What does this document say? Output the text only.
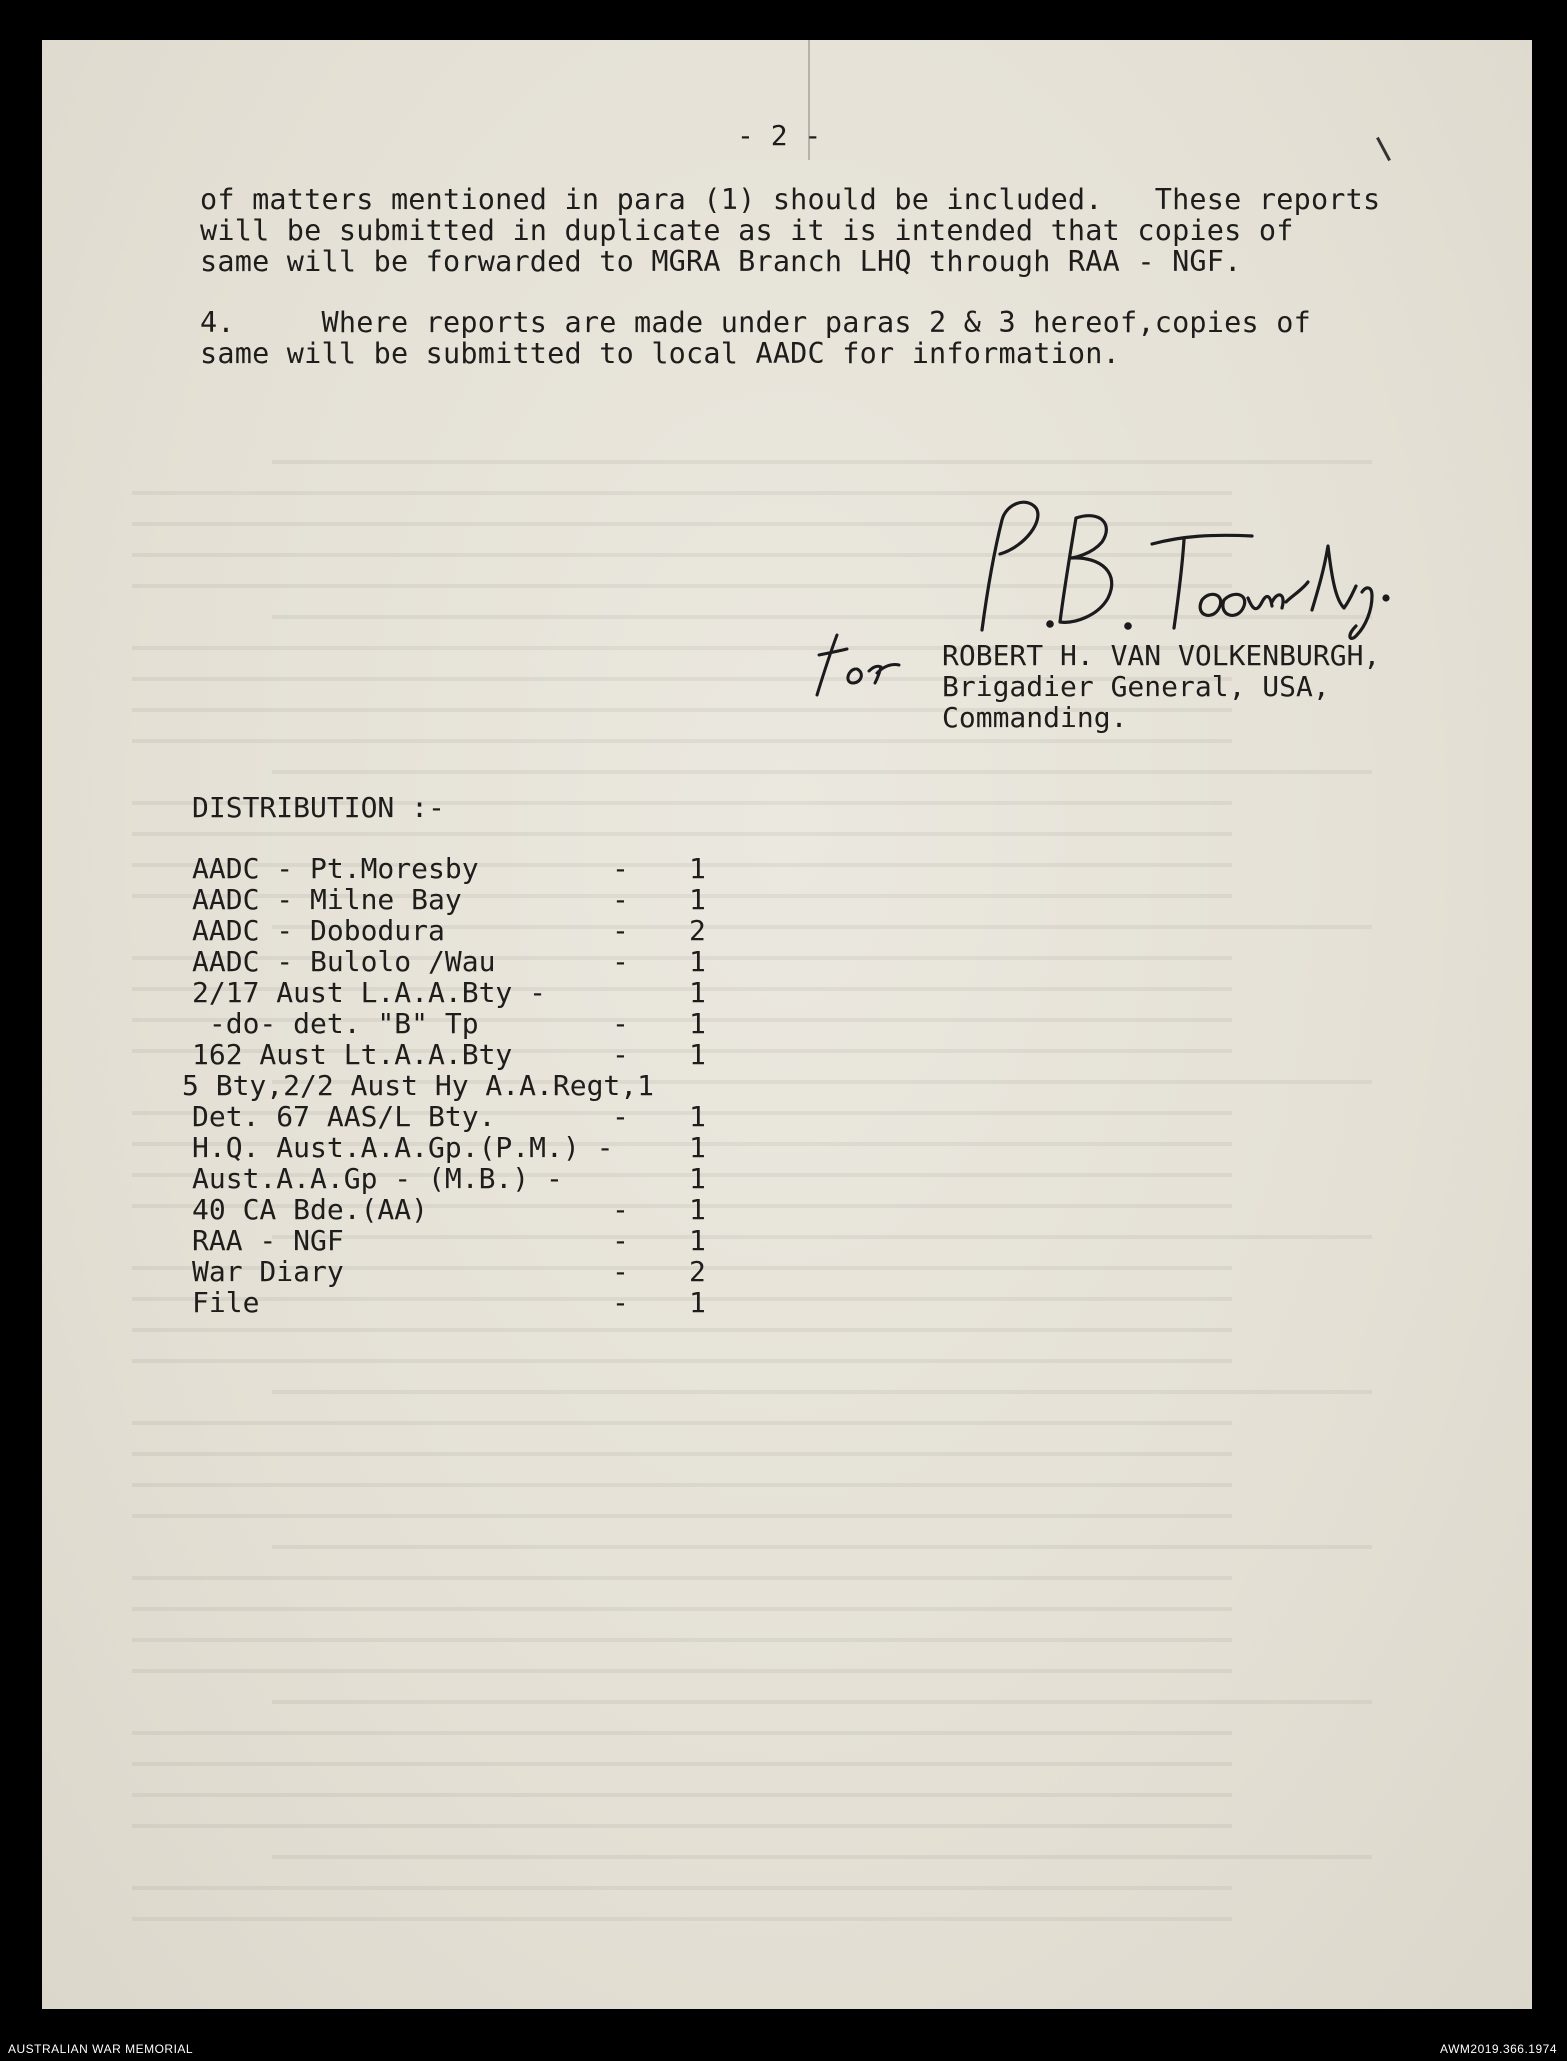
- 2 -
of matters mentioned in para (1) should be included.   These reports
will be submitted in duplicate as it is intended that copies of
same will be forwarded to MGRA Branch LHQ through RAA - NGF.
4.     Where reports are made under paras 2 & 3 hereof,copies of
same will be submitted to local AADC for information.
ROBERT H. VAN VOLKENBURGH,
Brigadier General, USA,
Commanding.
DISTRIBUTION :-
AADC - Pt.Moresby	- 1
AADC - Milne Bay	- 1
AADC - Dobodura	- 2
AADC - Bulolo /Wau	- 1
2/17 Aust L.A.A.Bty -	1
-do- det. "B" Tp	- 1
162 Aust Lt.A.A.Bty	- 1
5 Bty,2/2 Aust Hy A.A.Regt,1
Det. 67 AAS/L Bty.	- 1
H.Q. Aust.A.A.Gp.(P.M.) -	1
Aust.A.A.Gp - (M.B.) -	1
40 CA Bde.(AA)	- 1
RAA - NGF	- 1
War Diary	- 2
File	- 1
AUSTRALIAN WAR MEMORIAL	AWM2019.366.1974
